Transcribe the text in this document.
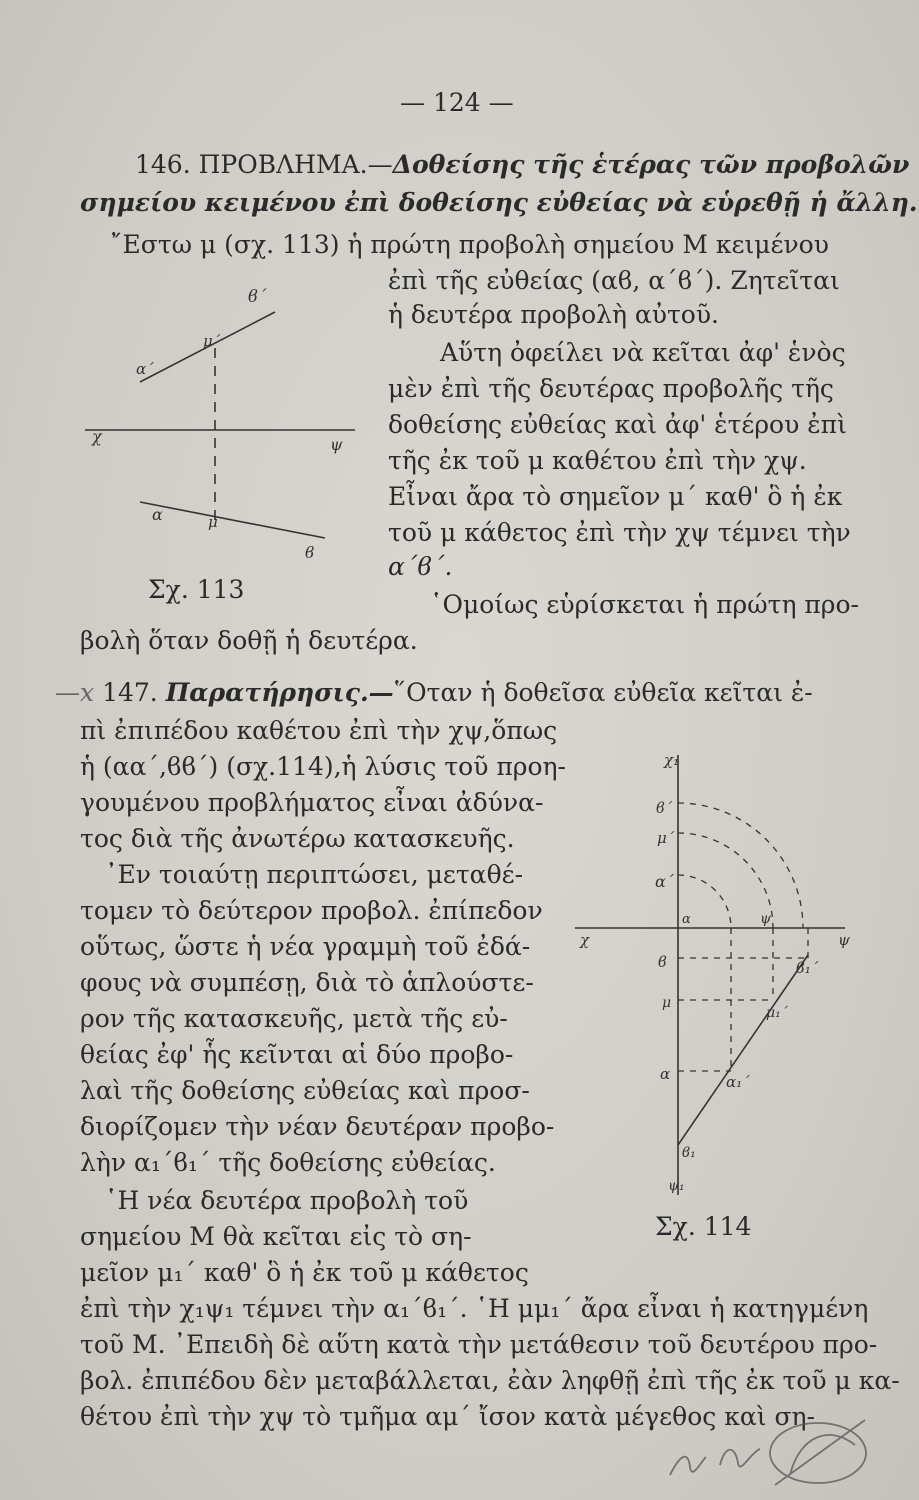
— 124 —
146. ΠΡΟΒΛΗΜΑ.—Δοθείσης τῆς ἑτέρας τῶν προβολῶν
σημείου κειμένου ἐπὶ δοθείσης εὐθείας νὰ εὑρεθῇ ἡ ἄλλη.
῎Εστω μ (σχ. 113) ἡ πρώτη προβολὴ σημείου Μ κειμένου
ἐπὶ τῆς εὐθείας (αϐ, α΄ϐ΄). Ζητεῖται
ἡ δευτέρα προβολὴ αὐτοῦ.
Αὕτη ὀφείλει νὰ κεῖται ἀφ' ἑνὸς
μὲν ἐπὶ τῆς δευτέρας προβολῆς τῆς
δοθείσης εὐθείας καὶ ἀφ' ἑτέρου ἐπὶ
τῆς ἐκ τοῦ μ καθέτου ἐπὶ τὴν χψ.
Εἶναι ἄρα τὸ σημεῖον μ΄ καθ' ὃ ἡ ἐκ
τοῦ μ κάθετος ἐπὶ τὴν χψ τέμνει τὴν
α΄ϐ΄.
῾Ομοίως εὑρίσκεται ἡ πρώτη προ-
βολὴ ὅταν δοθῇ ἡ δευτέρα.
ϐ΄
μ΄
α΄
χ	ψ
α	μ
ϐ
Σχ. 113
—x 147. Παρατήρησις.—῞Οταν ἡ δοθεῖσα εὐθεῖα κεῖται ἐ-
πὶ ἐπιπέδου καθέτου ἐπὶ τὴν χψ,ὅπως
ἡ (αα΄,ϐϐ΄) (σχ.114),ἡ λύσις τοῦ προη-
γουμένου προβλήματος εἶναι ἀδύνα-
τος διὰ τῆς ἀνωτέρω κατασκευῆς.
᾽Εν τοιαύτῃ περιπτώσει, μεταθέ-
τομεν τὸ δεύτερον προβολ. ἐπίπεδον
οὕτως, ὥστε ἡ νέα γραμμὴ τοῦ ἐδά-
φους νὰ συμπέσῃ, διὰ τὸ ἁπλούστε-
ρον τῆς κατασκευῆς, μετὰ τῆς εὐ-
θείας ἐφ' ἧς κεῖνται αἱ δύο προβο-
λαὶ τῆς δοθείσης εὐθείας καὶ προσ-
διορίζομεν τὴν νέαν δευτέραν προβο-
λὴν α₁΄ϐ₁΄ τῆς δοθείσης εὐθείας.
῾Η νέα δευτέρα προβολὴ τοῦ
σημείου Μ θὰ κεῖται εἰς τὸ ση-
μεῖον μ₁΄ καθ' ὃ ἡ ἐκ τοῦ μ κάθετος
ἐπὶ τὴν χ₁ψ₁ τέμνει τὴν α₁΄ϐ₁΄. ῾Η μμ₁΄ ἄρα εἶναι ἡ κατηγμένη
τοῦ Μ. ᾽Επειδὴ δὲ αὕτη κατὰ τὴν μετάθεσιν τοῦ δευτέρου προ-
βολ. ἐπιπέδου δὲν μεταβάλλεται, ἐὰν ληφθῇ ἐπὶ τῆς ἐκ τοῦ μ κα-
θέτου ἐπὶ τὴν χψ τὸ τμῆμα αμ΄ ἴσον κατὰ μέγεθος καὶ ση-
χ₁
ϐ΄
μ΄
α΄
χ
α	ψ
ψ
ϐ	ϐ₁΄
μ
μ₁΄
α	α₁΄
ϐ₁
ψ₁
Σχ. 114
